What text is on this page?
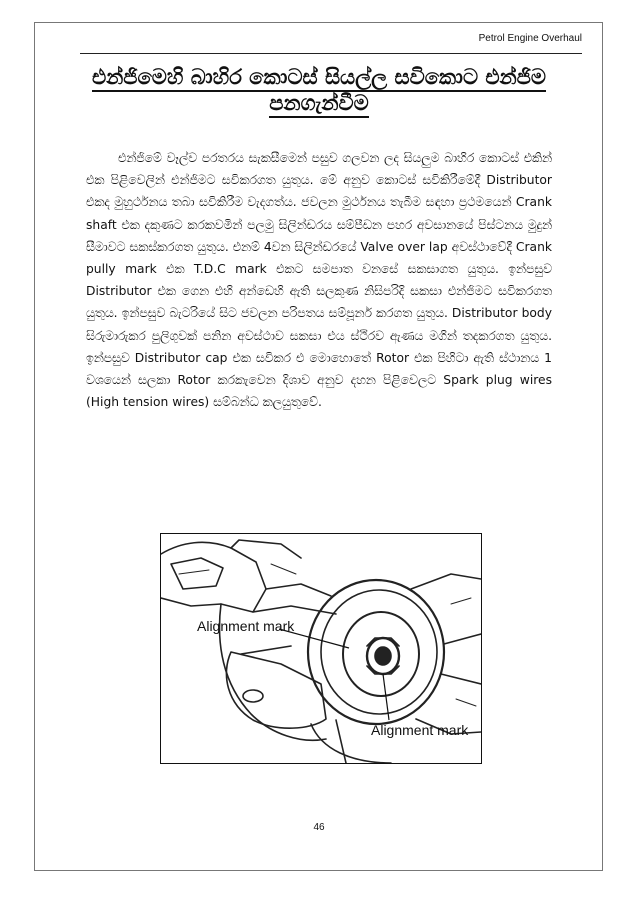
Petrol Engine Overhaul
එන්ජිමෙහි බාහිර කොටස් සියල්ල සවිකොට එන්ජිම
පනගැන්වීම

එන්ජිමේ වෑල්ව පරතරය සැකසීමෙන් පසුව ගලවන ලද සියලුම බාහිර කොටස් එකින් එක පිළිවෙලින් එන්ජිමට සවිකරගත යුතුය. මේ අනුව කොටස් සවිකිරීමේදී Distributor එකද මුහුර්ථනය තබා සවිකිරීම වැදගත්ය. ජවලන මුර්ථනය තැබීම සඳහා ප්‍රථමයෙන් Crank shaft එක දකුණට කරකවමින් පලමු සිලින්ඩරය සම්පීඩන පහර අවසානයේ පිස්ටනය මුදුන් සීමාවට සකස්කරගත යුතුය. එනම් 4වන සිලින්ඩරයේ Valve over lap අවස්ථාවේදී Crank pully mark එක T.D.C mark එකට සමපාත වනසේ සකසාගත යුතුය. ඉන්පසුව Distributor එක ගෙන එහි අන්ඩෙහි ඇති සලකුණ නිසිපරිදි සකසා එන්ජිමට සවිකරගත යුතුය. ඉන්පසුව බැටරියේ සිට ජවලන පරිපතය සම්පූර්න කරගත යුතුය. Distributor body සිරුමාරුකර පුලිගුවක් පනින අවස්ථාව සකසා එය ස්ථිරව ඇණය මගින් තදකරගත යුතුය. ඉන්පසුව Distributor cap එක සවිකර එ මොහොතේ Rotor එක පිහිටා ඇති ස්ථානය 1 වශයෙන් සලකා Rotor කරකැවෙන දිශාව අනුව දහන පිළිවෙලට Spark plug wires (High tension wires) සම්බන්ධ කලයුතුවේ.

Alignment mark
Alignment mark
46
